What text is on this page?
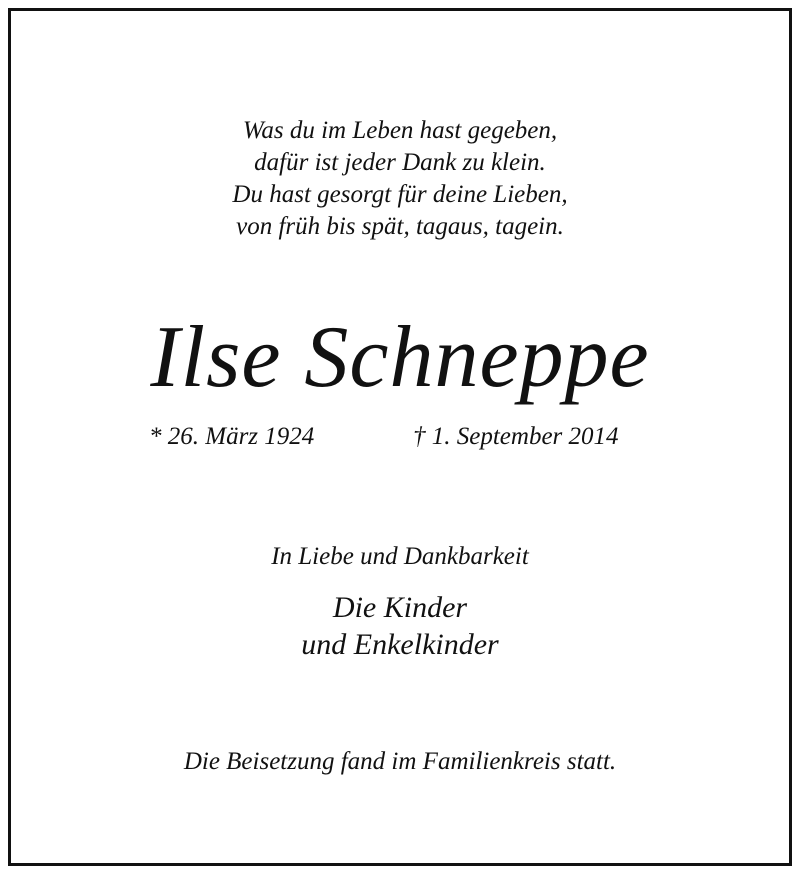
Was du im Leben hast gegeben,
dafür ist jeder Dank zu klein.
Du hast gesorgt für deine Lieben,
von früh bis spät, tagaus, tagein.
Ilse Schneppe
* 26. März 1924	† 1. September 2014
In Liebe und Dankbarkeit
Die Kinder
und Enkelkinder
Die Beisetzung fand im Familienkreis statt.
